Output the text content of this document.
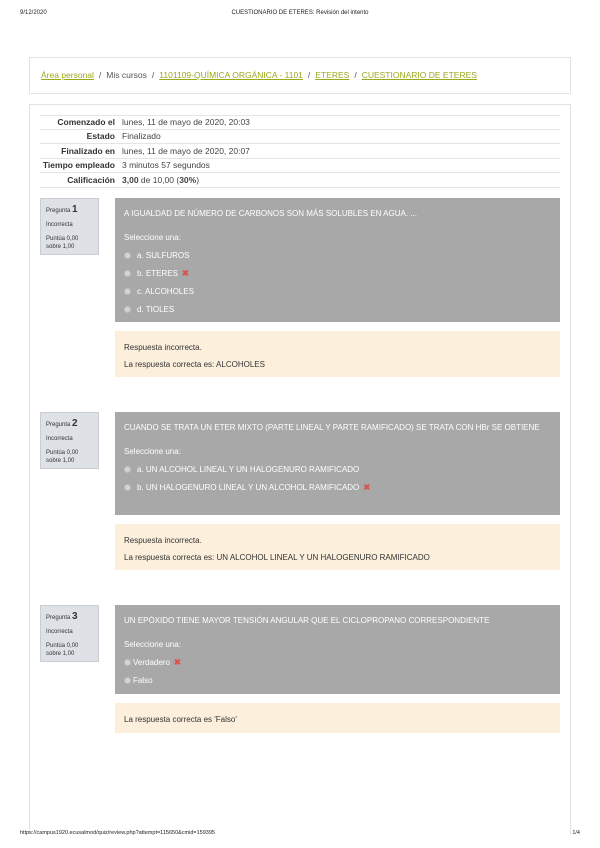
9/12/2020	CUESTIONARIO DE ETERES: Revisión del intento
Área personal / Mis cursos / 1101109-QUÍMICA ORGÁNICA - 1101 / ETERES / CUESTIONARIO DE ETERES
Comenzado el lunes, 11 de mayo de 2020, 20:03
Estado Finalizado
Finalizado en lunes, 11 de mayo de 2020, 20:07
Tiempo empleado 3 minutos 57 segundos
Calificación 3,00 de 10,00 (30%)
Pregunta 1
Incorrecta
Puntúa 0,00
sobre 1,00
A IGUALDAD DE NÚMERO DE CARBONOS SON MÁS SOLUBLES EN AGUA. ...
Seleccione una:
a. SULFUROS
b. ETERES ✖
c. ALCOHOLES
d. TIOLES
Respuesta incorrecta.
La respuesta correcta es: ALCOHOLES
Pregunta 2
Incorrecta
Puntúa 0,00
sobre 1,00
CUANDO SE TRATA UN ETER MIXTO (PARTE LINEAL Y PARTE RAMIFICADO) SE TRATA CON HBr SE OBTIENE
Seleccione una:
a. UN ALCOHOL LINEAL Y UN HALOGENURO RAMIFICADO
b. UN HALOGENURO LINEAL Y UN ALCOHOL RAMIFICADO ✖
Respuesta incorrecta.
La respuesta correcta es: UN ALCOHOL LINEAL Y UN HALOGENURO RAMIFICADO
Pregunta 3
Incorrecta
Puntúa 0,00
sobre 1,00
UN EPÓXIDO TIENE MAYOR TENSIÓN ANGULAR QUE EL CICLOPROPANO CORRESPONDIENTE
Seleccione una:
Verdadero ✖
Falso
La respuesta correcta es 'Falso'
https://campus1920.ecusalmod/quiz/review.php?attempt=115650&cmid=159395	1/4
